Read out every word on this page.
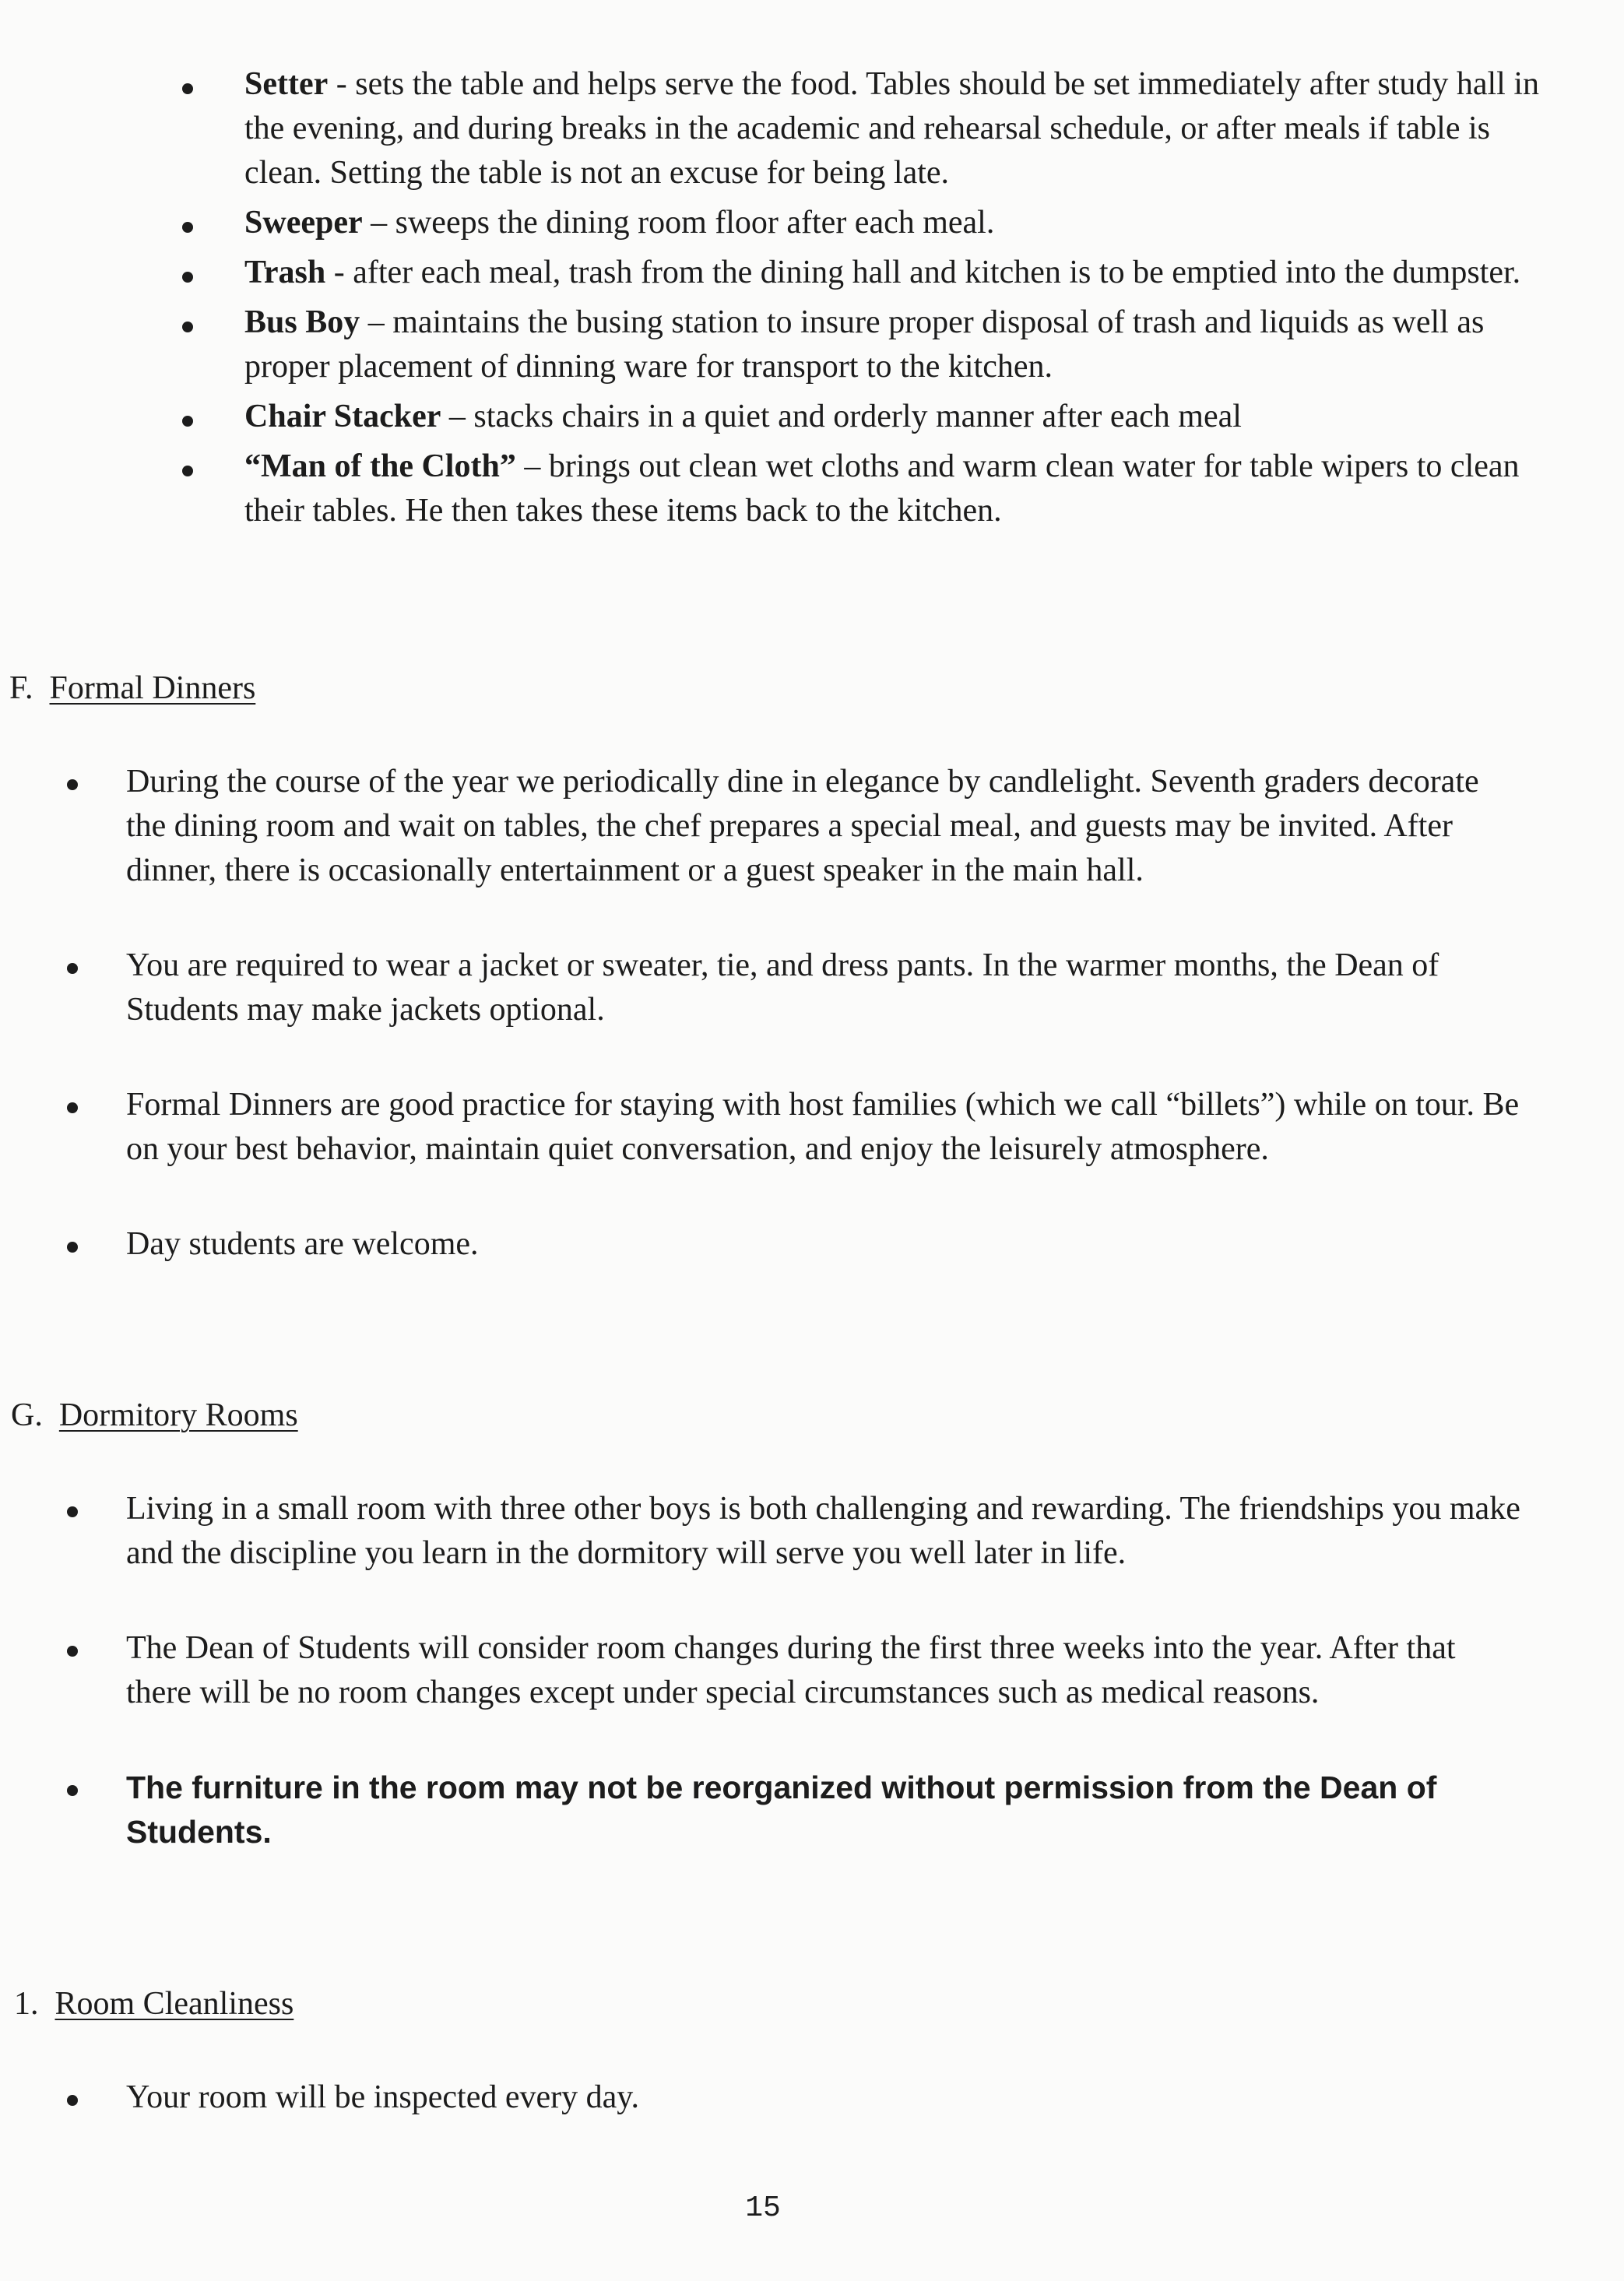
Setter - sets the table and helps serve the food. Tables should be set immediately after study hall in the evening, and during breaks in the academic and rehearsal schedule, or after meals if table is clean. Setting the table is not an excuse for being late.
Sweeper – sweeps the dining room floor after each meal.
Trash - after each meal, trash from the dining hall and kitchen is to be emptied into the dumpster.
Bus Boy – maintains the busing station to insure proper disposal of trash and liquids as well as proper placement of dinning ware for transport to the kitchen.
Chair Stacker – stacks chairs in a quiet and orderly manner after each meal
“Man of the Cloth” – brings out clean wet cloths and warm clean water for table wipers to clean their tables. He then takes these items back to the kitchen.
F. Formal Dinners
During the course of the year we periodically dine in elegance by candlelight. Seventh graders decorate the dining room and wait on tables, the chef prepares a special meal, and guests may be invited. After dinner, there is occasionally entertainment or a guest speaker in the main hall.
You are required to wear a jacket or sweater, tie, and dress pants. In the warmer months, the Dean of Students may make jackets optional.
Formal Dinners are good practice for staying with host families (which we call “billets”) while on tour. Be on your best behavior, maintain quiet conversation, and enjoy the leisurely atmosphere.
Day students are welcome.
G. Dormitory Rooms
Living in a small room with three other boys is both challenging and rewarding. The friendships you make and the discipline you learn in the dormitory will serve you well later in life.
The Dean of Students will consider room changes during the first three weeks into the year. After that there will be no room changes except under special circumstances such as medical reasons.
The furniture in the room may not be reorganized without permission from the Dean of Students.
1. Room Cleanliness
Your room will be inspected every day.
15
